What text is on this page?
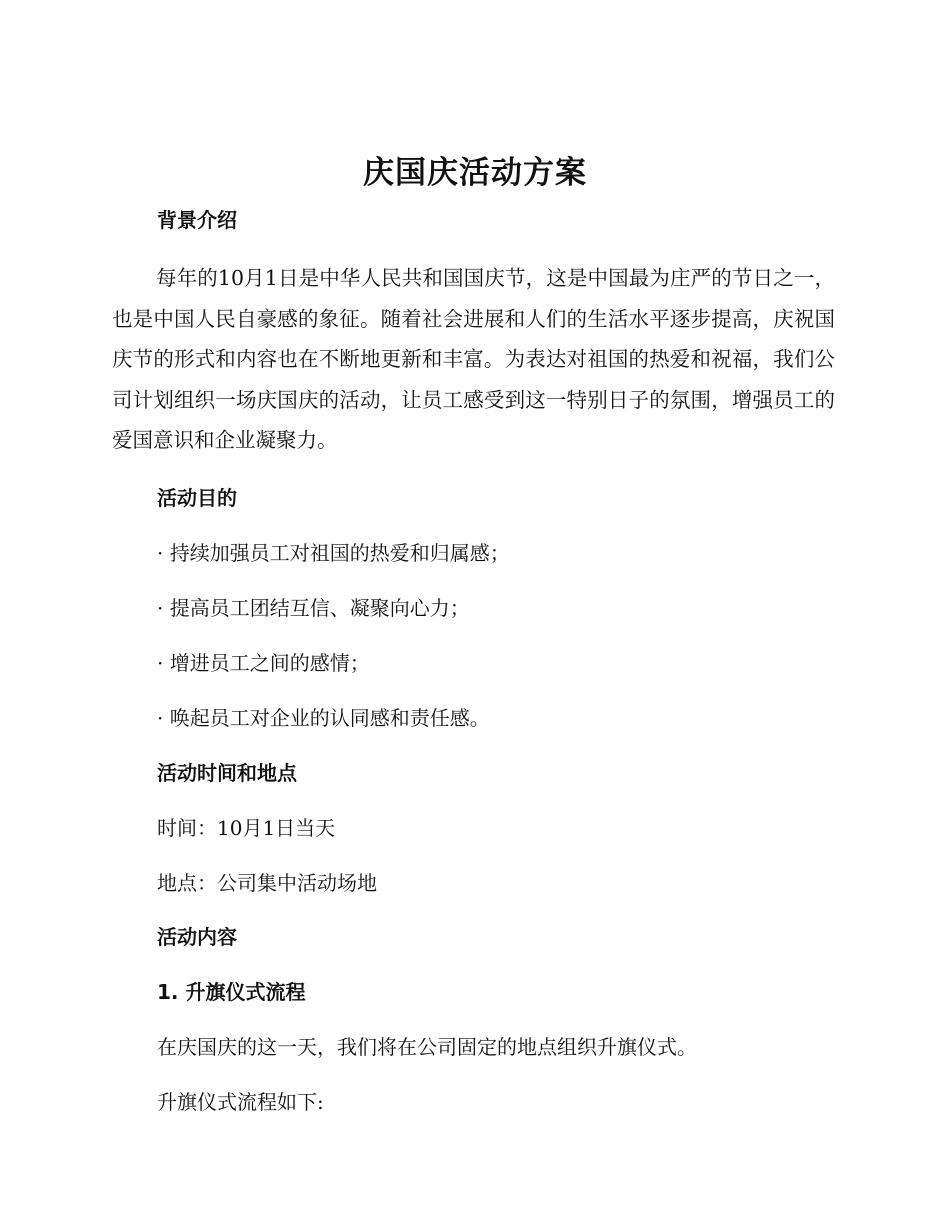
庆国庆活动方案
背景介绍

每年的10月1日是中华人民共和国国庆节，这是中国最为庄严的节日之一，也是中国人民自豪感的象征。随着社会进展和人们的生活水平逐步提高，庆祝国庆节的形式和内容也在不断地更新和丰富。为表达对祖国的热爱和祝福，我们公司计划组织一场庆国庆的活动，让员工感受到这一特别日子的氛围，增强员工的爱国意识和企业凝聚力。

活动目的

· 持续加强员工对祖国的热爱和归属感；

· 提高员工团结互信、凝聚向心力；

· 增进员工之间的感情；

· 唤起员工对企业的认同感和责任感。

活动时间和地点

时间：10月1日当天

地点：公司集中活动场地

活动内容
1. 升旗仪式流程

在庆国庆的这一天，我们将在公司固定的地点组织升旗仪式。

升旗仪式流程如下:
